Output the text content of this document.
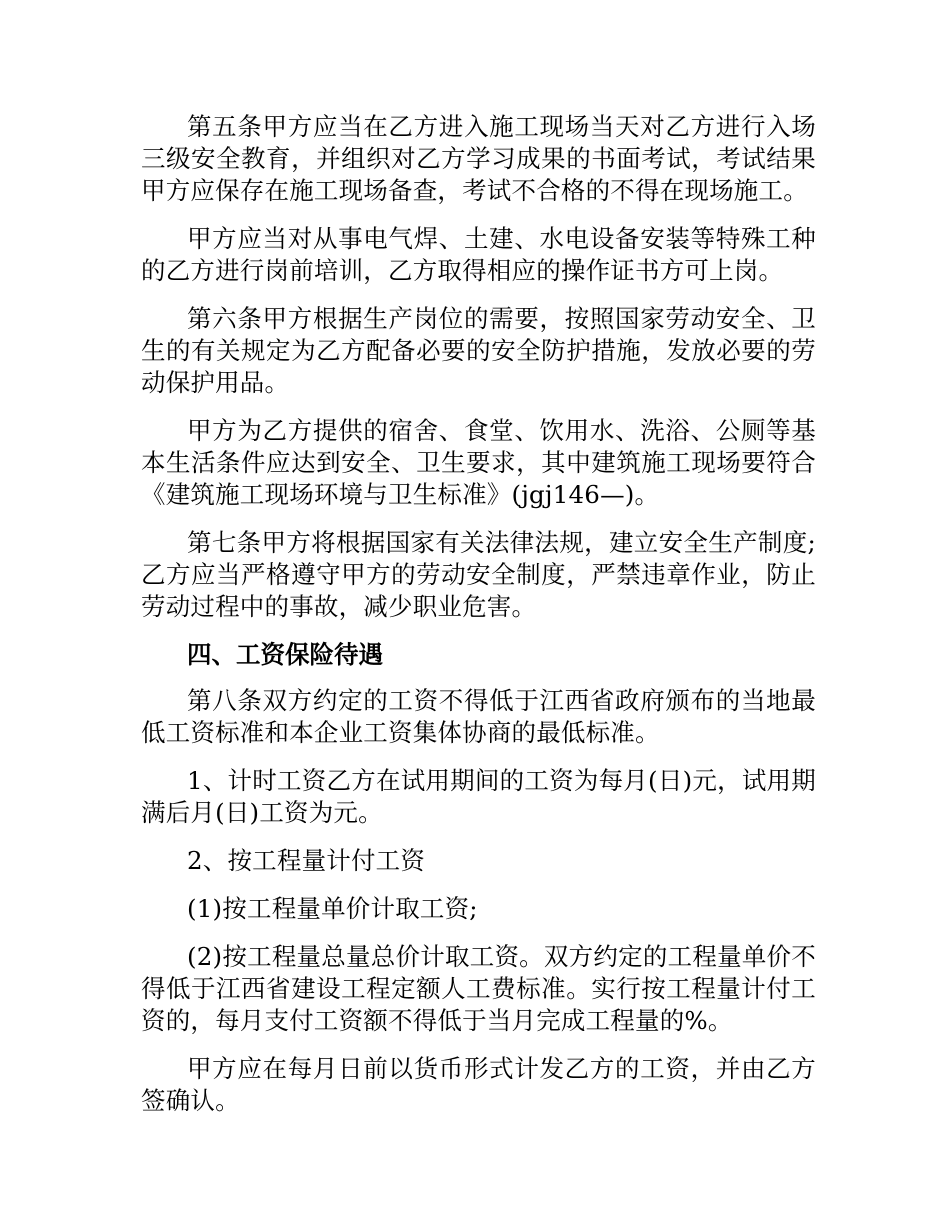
第五条甲方应当在乙方进入施工现场当天对乙方进行入场三级安全教育，并组织对乙方学习成果的书面考试，考试结果甲方应保存在施工现场备查，考试不合格的不得在现场施工。

甲方应当对从事电气焊、土建、水电设备安装等特殊工种的乙方进行岗前培训，乙方取得相应的操作证书方可上岗。

第六条甲方根据生产岗位的需要，按照国家劳动安全、卫生的有关规定为乙方配备必要的安全防护措施，发放必要的劳动保护用品。

甲方为乙方提供的宿舍、食堂、饮用水、洗浴、公厕等基本生活条件应达到安全、卫生要求，其中建筑施工现场要符合《建筑施工现场环境与卫生标准》(jgj146—)。

第七条甲方将根据国家有关法律法规，建立安全生产制度;乙方应当严格遵守甲方的劳动安全制度，严禁违章作业，防止劳动过程中的事故，减少职业危害。

四、工资保险待遇

第八条双方约定的工资不得低于江西省政府颁布的当地最低工资标准和本企业工资集体协商的最低标准。

1、计时工资乙方在试用期间的工资为每月(日)元，试用期满后月(日)工资为元。

2、按工程量计付工资

(1)按工程量单价计取工资;

(2)按工程量总量总价计取工资。双方约定的工程量单价不得低于江西省建设工程定额人工费标准。实行按工程量计付工资的，每月支付工资额不得低于当月完成工程量的%。

甲方应在每月日前以货币形式计发乙方的工资，并由乙方签确认。
